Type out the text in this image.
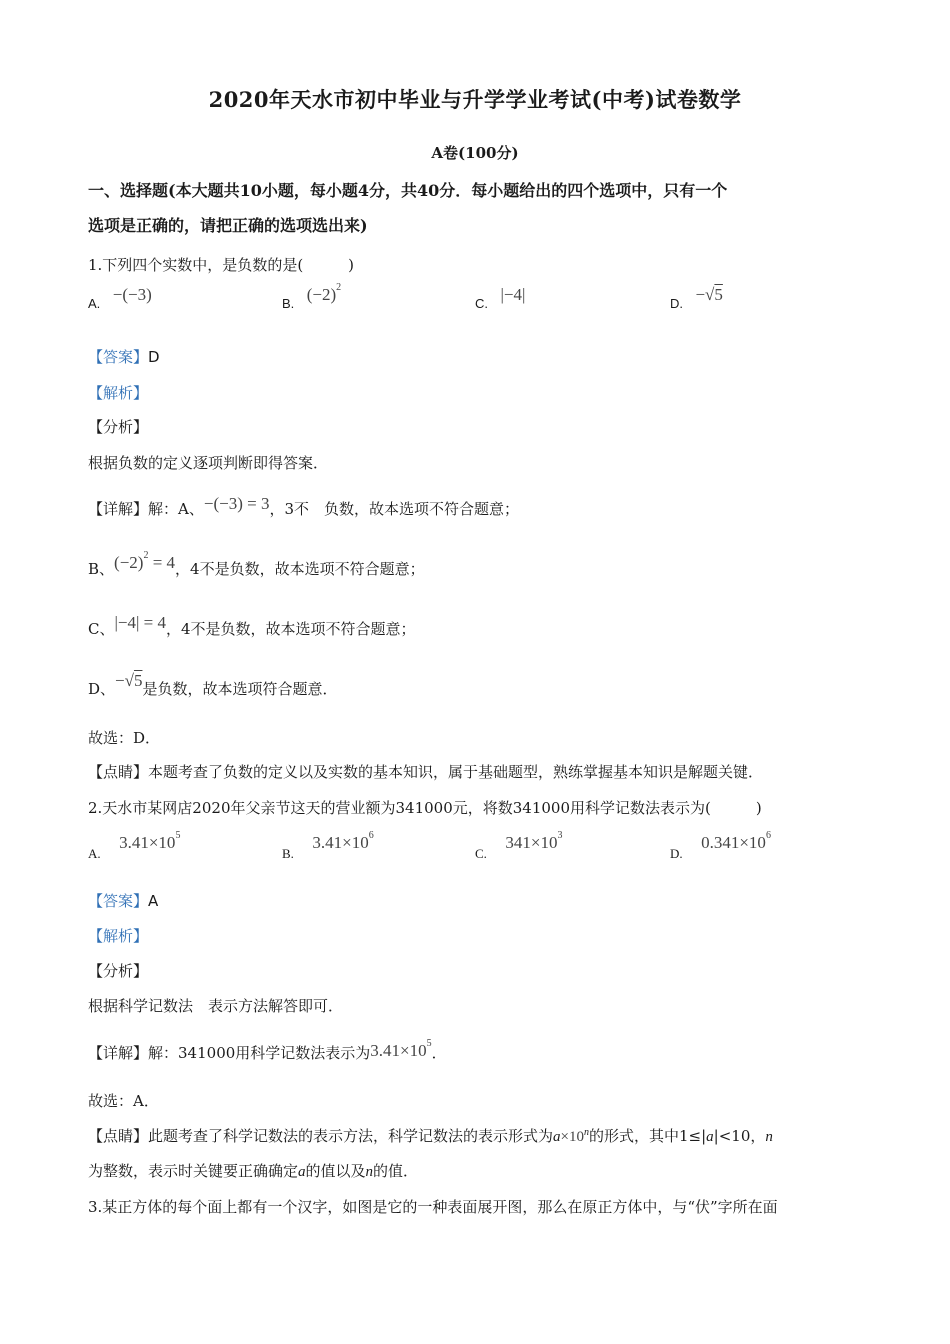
2020年天水市初中毕业与升学学业考试(中考)试卷数学
A卷(100分)
一、选择题(本大题共10小题，每小题4分，共40分．每小题给出的四个选项中，只有一个
选项是正确的，请把正确的选项选出来)
1.下列四个实数中，是负数的是(　　　)
A. −(−3)	B. $(-2)^2$
C. |−4|	D. −√5
【答案】D
【解析】
【分析】
根据负数的定义逐项判断即得答案．
【详解】解：A、−(−3) = 3，3不　负数，故本选项不符合题意；
B、$(-2)^2 = 4$，4不是负数，故本选项不符合题意；
C、|−4| = 4，4不是负数，故本选项不符合题意；
D、−√5是负数，故本选项符合题意．
故选：D．
【点睛】本题考查了负数的定义以及实数的基本知识，属于基础题型，熟练掌握基本知识是解题关键．
2.天水市某网店2020年父亲节这天的营业额为341000元，将数341000用科学记数法表示为(　　　)
A. $3.41\times 10^5$
B. $3.41\times 10^6$
C. $341\times 10^3$
D. $0.341\times 10^6$
【答案】A
【解析】
【分析】
根据科学记数法　表示方法解答即可．
【详解】解：341000用科学记数法表示为$3.41\times 10^5$．
故选：A．
【点睛】此题考查了科学记数法的表示方法，科学记数法的表示形式为$a\times 10^n$的形式，其中1≤|a|<10，n
为整数，表示时关键要正确确定a的值以及n的值．
3.某正方体的每个面上都有一个汉字，如图是它的一种表面展开图，那么在原正方体中，与“伏”字所在面
